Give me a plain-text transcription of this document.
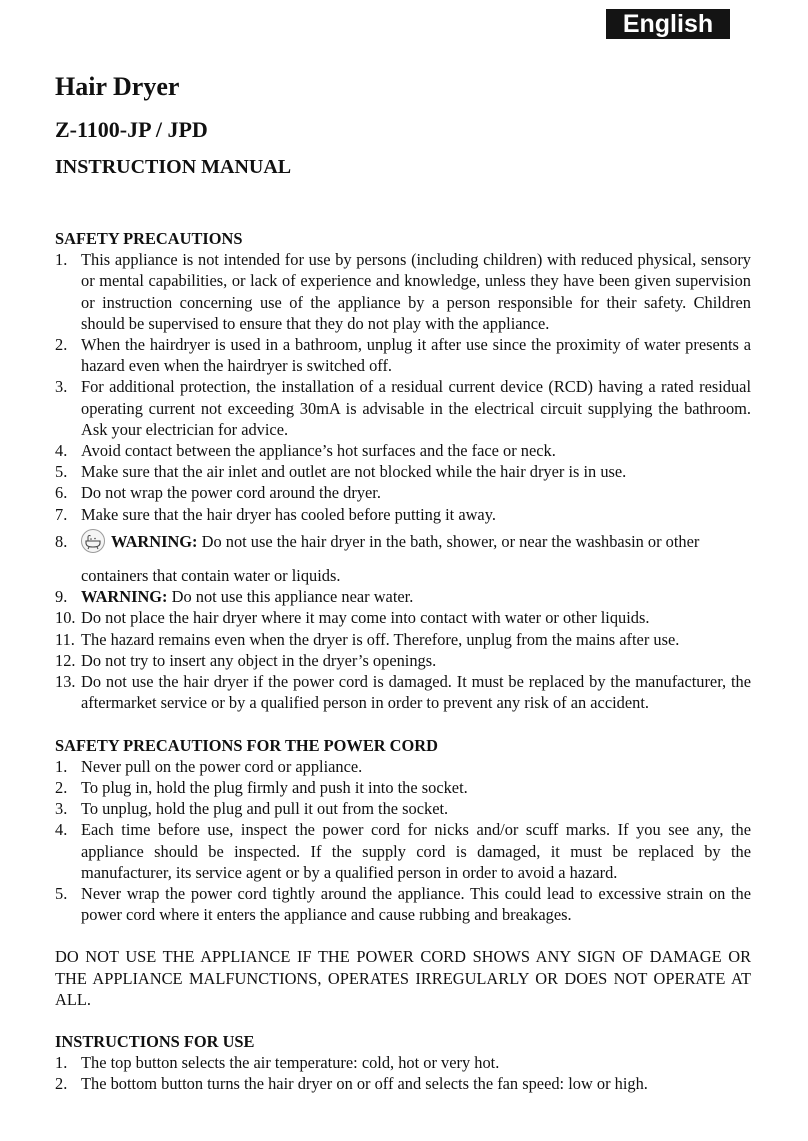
English
Hair Dryer
Z-1100-JP / JPD
INSTRUCTION MANUAL
SAFETY PRECAUTIONS
1. This appliance is not intended for use by persons (including children) with reduced physical, sensory or mental capabilities, or lack of experience and knowledge, unless they have been given supervision or instruction concerning use of the appliance by a person responsible for their safety. Children should be supervised to ensure that they do not play with the appliance.
2. When the hairdryer is used in a bathroom, unplug it after use since the proximity of water presents a hazard even when the hairdryer is switched off.
3. For additional protection, the installation of a residual current device (RCD) having a rated residual operating current not exceeding 30mA is advisable in the electrical circuit supplying the bathroom. Ask your electrician for advice.
4. Avoid contact between the appliance’s hot surfaces and the face or neck.
5. Make sure that the air inlet and outlet are not blocked while the hair dryer is in use.
6. Do not wrap the power cord around the dryer.
7. Make sure that the hair dryer has cooled before putting it away.
8.	WARNING: Do not use the hair dryer in the bath, shower, or near the washbasin or other
containers that contain water or liquids.
9. WARNING: Do not use this appliance near water.
10. Do not place the hair dryer where it may come into contact with water or other liquids.
11. The hazard remains even when the dryer is off. Therefore, unplug from the mains after use.
12. Do not try to insert any object in the dryer’s openings.
13. Do not use the hair dryer if the power cord is damaged. It must be replaced by the manufacturer, the aftermarket service or by a qualified person in order to prevent any risk of an accident.
SAFETY PRECAUTIONS FOR THE POWER CORD
1. Never pull on the power cord or appliance.
2. To plug in, hold the plug firmly and push it into the socket.
3. To unplug, hold the plug and pull it out from the socket.
4. Each time before use, inspect the power cord for nicks and/or scuff marks. If you see any, the appliance should be inspected. If the supply cord is damaged, it must be replaced by the manufacturer, its service agent or by a qualified person in order to avoid a hazard.
5. Never wrap the power cord tightly around the appliance. This could lead to excessive strain on the power cord where it enters the appliance and cause rubbing and breakages.
DO NOT USE THE APPLIANCE IF THE POWER CORD SHOWS ANY SIGN OF DAMAGE OR THE APPLIANCE MALFUNCTIONS, OPERATES IRREGULARLY OR DOES NOT OPERATE AT ALL.
INSTRUCTIONS FOR USE
1. The top button selects the air temperature: cold, hot or very hot.
2. The bottom button turns the hair dryer on or off and selects the fan speed: low or high.
